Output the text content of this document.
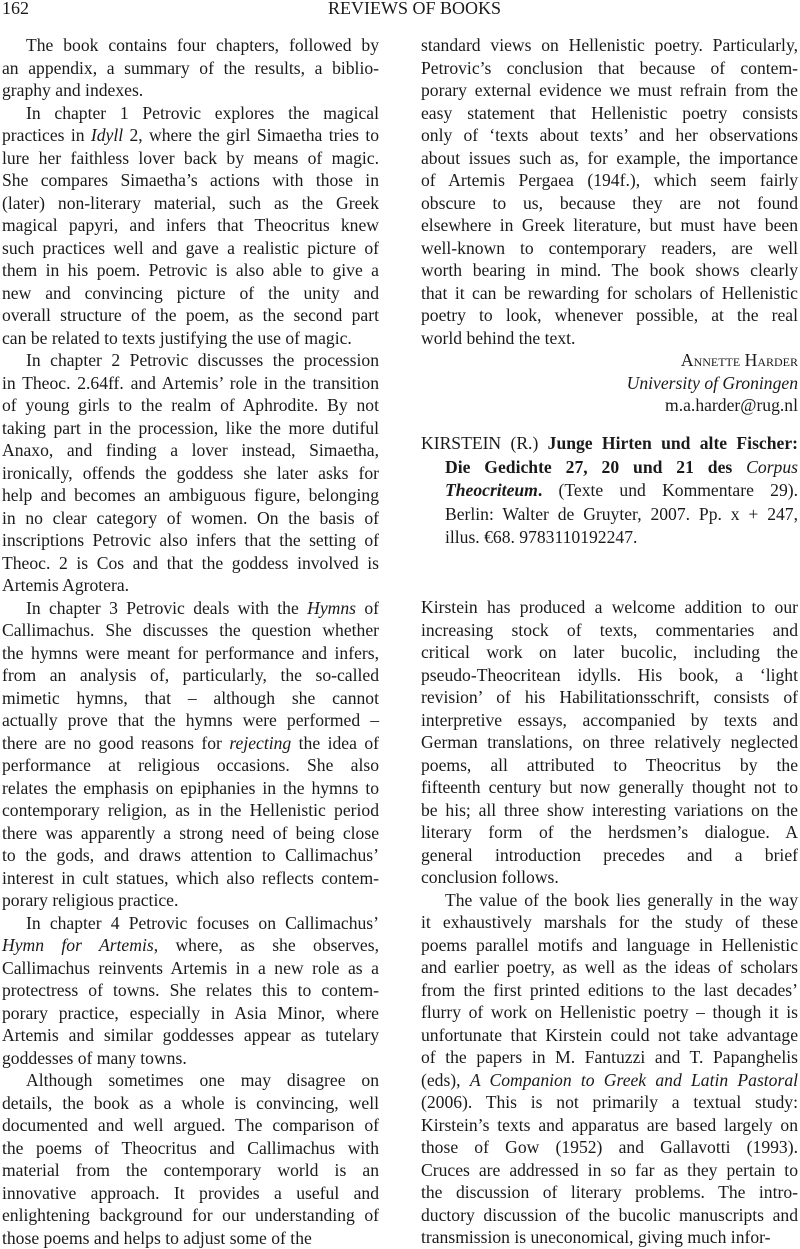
162	REVIEWS OF BOOKS
The book contains four chapters, followed by
an appendix, a summary of the results, a biblio-
graphy and indexes.
In chapter 1 Petrovic explores the magical
practices in Idyll 2, where the girl Simaetha tries to
lure her faithless lover back by means of magic.
She compares Simaetha’s actions with those in
(later) non-literary material, such as the Greek
magical papyri, and infers that Theocritus knew
such practices well and gave a realistic picture of
them in his poem. Petrovic is also able to give a
new and convincing picture of the unity and
overall structure of the poem, as the second part
can be related to texts justifying the use of magic.
In chapter 2 Petrovic discusses the procession
in Theoc. 2.64ff. and Artemis’ role in the transition
of young girls to the realm of Aphrodite. By not
taking part in the procession, like the more dutiful
Anaxo, and finding a lover instead, Simaetha,
ironically, offends the goddess she later asks for
help and becomes an ambiguous figure, belonging
in no clear category of women. On the basis of
inscriptions Petrovic also infers that the setting of
Theoc. 2 is Cos and that the goddess involved is
Artemis Agrotera.
In chapter 3 Petrovic deals with the Hymns of
Callimachus. She discusses the question whether
the hymns were meant for performance and infers,
from an analysis of, particularly, the so-called
mimetic hymns, that – although she cannot
actually prove that the hymns were performed –
there are no good reasons for rejecting the idea of
performance at religious occasions. She also
relates the emphasis on epiphanies in the hymns to
contemporary religion, as in the Hellenistic period
there was apparently a strong need of being close
to the gods, and draws attention to Callimachus’
interest in cult statues, which also reflects contem-
porary religious practice.
In chapter 4 Petrovic focuses on Callimachus’
Hymn for Artemis, where, as she observes,
Callimachus reinvents Artemis in a new role as a
protectress of towns. She relates this to contem-
porary practice, especially in Asia Minor, where
Artemis and similar goddesses appear as tutelary
goddesses of many towns.
Although sometimes one may disagree on
details, the book as a whole is convincing, well
documented and well argued. The comparison of
the poems of Theocritus and Callimachus with
material from the contemporary world is an
innovative approach. It provides a useful and
enlightening background for our understanding of
those poems and helps to adjust some of the
standard views on Hellenistic poetry. Particularly,
Petrovic’s conclusion that because of contem-
porary external evidence we must refrain from the
easy statement that Hellenistic poetry consists
only of ‘texts about texts’ and her observations
about issues such as, for example, the importance
of Artemis Pergaea (194f.), which seem fairly
obscure to us, because they are not found
elsewhere in Greek literature, but must have been
well-known to contemporary readers, are well
worth bearing in mind. The book shows clearly
that it can be rewarding for scholars of Hellenistic
poetry to look, whenever possible, at the real
world behind the text.
Annette Harder
University of Groningen
m.a.harder@rug.nl
KIRSTEIN (R.) Junge Hirten und alte Fischer:
Die Gedichte 27, 20 und 21 des Corpus
Theocriteum. (Texte und Kommentare 29).
Berlin: Walter de Gruyter, 2007. Pp. x + 247,
illus. €68. 9783110192247.
Kirstein has produced a welcome addition to our
increasing stock of texts, commentaries and
critical work on later bucolic, including the
pseudo-Theocritean idylls. His book, a ‘light
revision’ of his Habilitationsschrift, consists of
interpretive essays, accompanied by texts and
German translations, on three relatively neglected
poems, all attributed to Theocritus by the
fifteenth century but now generally thought not to
be his; all three show interesting variations on the
literary form of the herdsmen’s dialogue. A
general introduction precedes and a brief
conclusion follows.
The value of the book lies generally in the way
it exhaustively marshals for the study of these
poems parallel motifs and language in Hellenistic
and earlier poetry, as well as the ideas of scholars
from the first printed editions to the last decades’
flurry of work on Hellenistic poetry – though it is
unfortunate that Kirstein could not take advantage
of the papers in M. Fantuzzi and T. Papanghelis
(eds), A Companion to Greek and Latin Pastoral
(2006). This is not primarily a textual study:
Kirstein’s texts and apparatus are based largely on
those of Gow (1952) and Gallavotti (1993).
Cruces are addressed in so far as they pertain to
the discussion of literary problems. The intro-
ductory discussion of the bucolic manuscripts and
transmission is uneconomical, giving much infor-
